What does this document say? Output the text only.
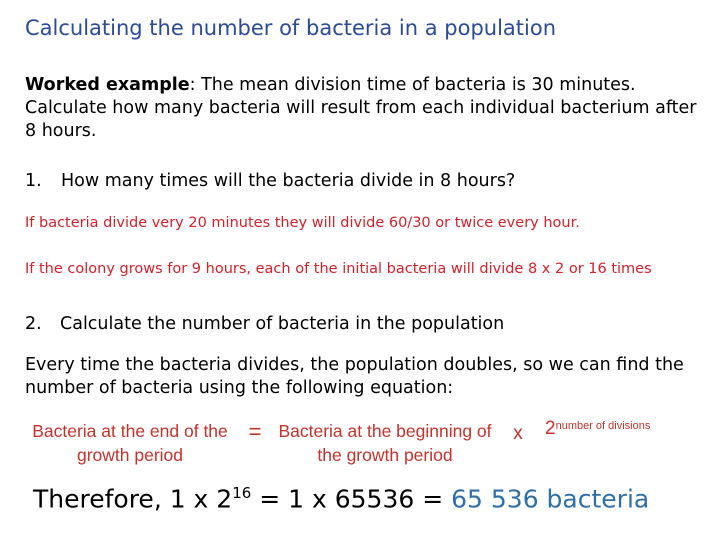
Calculating the number of bacteria in a population
Worked example: The mean division time of bacteria is 30 minutes. Calculate how many bacteria will result from each individual bacterium after 8 hours.
1. How many times will the bacteria divide in 8 hours?
If bacteria divide very 20 minutes they will divide 60/30 or twice every hour.
If the colony grows for 9 hours, each of the initial bacteria will divide 8 x 2 or 16 times
2. Calculate the number of bacteria in the population
Every time the bacteria divides, the population doubles, so we can find the number of bacteria using the following equation:
Bacteria at the end of the growth period
= Bacteria at the beginning of the growth period
x	$2^{number of divisions}$
Therefore, 1 x $2^{16} = 1$ x 65536 = 65 536 bacteria
